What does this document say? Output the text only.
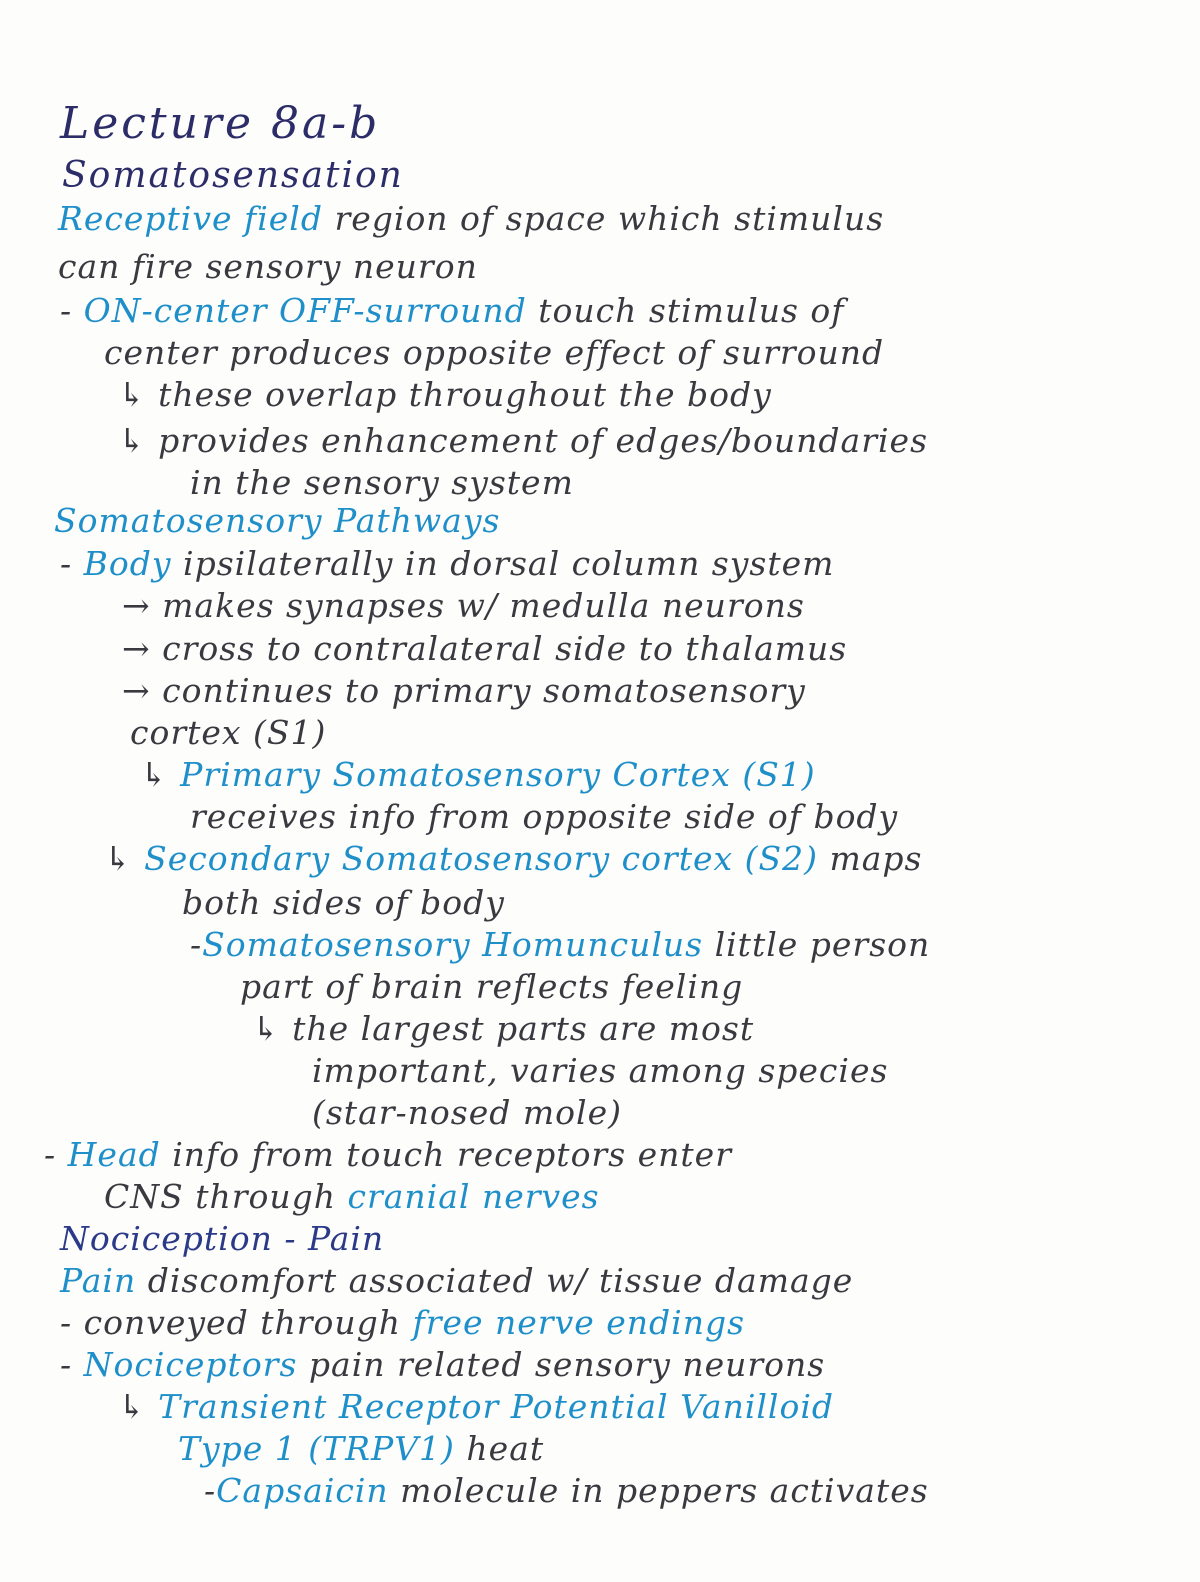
Lecture 8a-b
Somatosensation
Receptive field region of space which stimulus
can fire sensory neuron
- ON-center OFF-surround touch stimulus of
center produces opposite effect of surround
↳ these overlap throughout the body
↳ provides enhancement of edges/boundaries
in the sensory system
Somatosensory Pathways
- Body ipsilaterally in dorsal column system
→ makes synapses w/ medulla neurons
→ cross to contralateral side to thalamus
→ continues to primary somatosensory
cortex (S1)
↳ Primary Somatosensory Cortex (S1)
receives info from opposite side of body
↳ Secondary Somatosensory cortex (S2) maps
both sides of body
-Somatosensory Homunculus little person
part of brain reflects feeling
↳ the largest parts are most
important, varies among species
(star-nosed mole)
- Head info from touch receptors enter
CNS through cranial nerves
Nociception - Pain
Pain discomfort associated w/ tissue damage
- conveyed through free nerve endings
- Nociceptors pain related sensory neurons
↳ Transient Receptor Potential Vanilloid
Type 1 (TRPV1) heat
-Capsaicin molecule in peppers activates
